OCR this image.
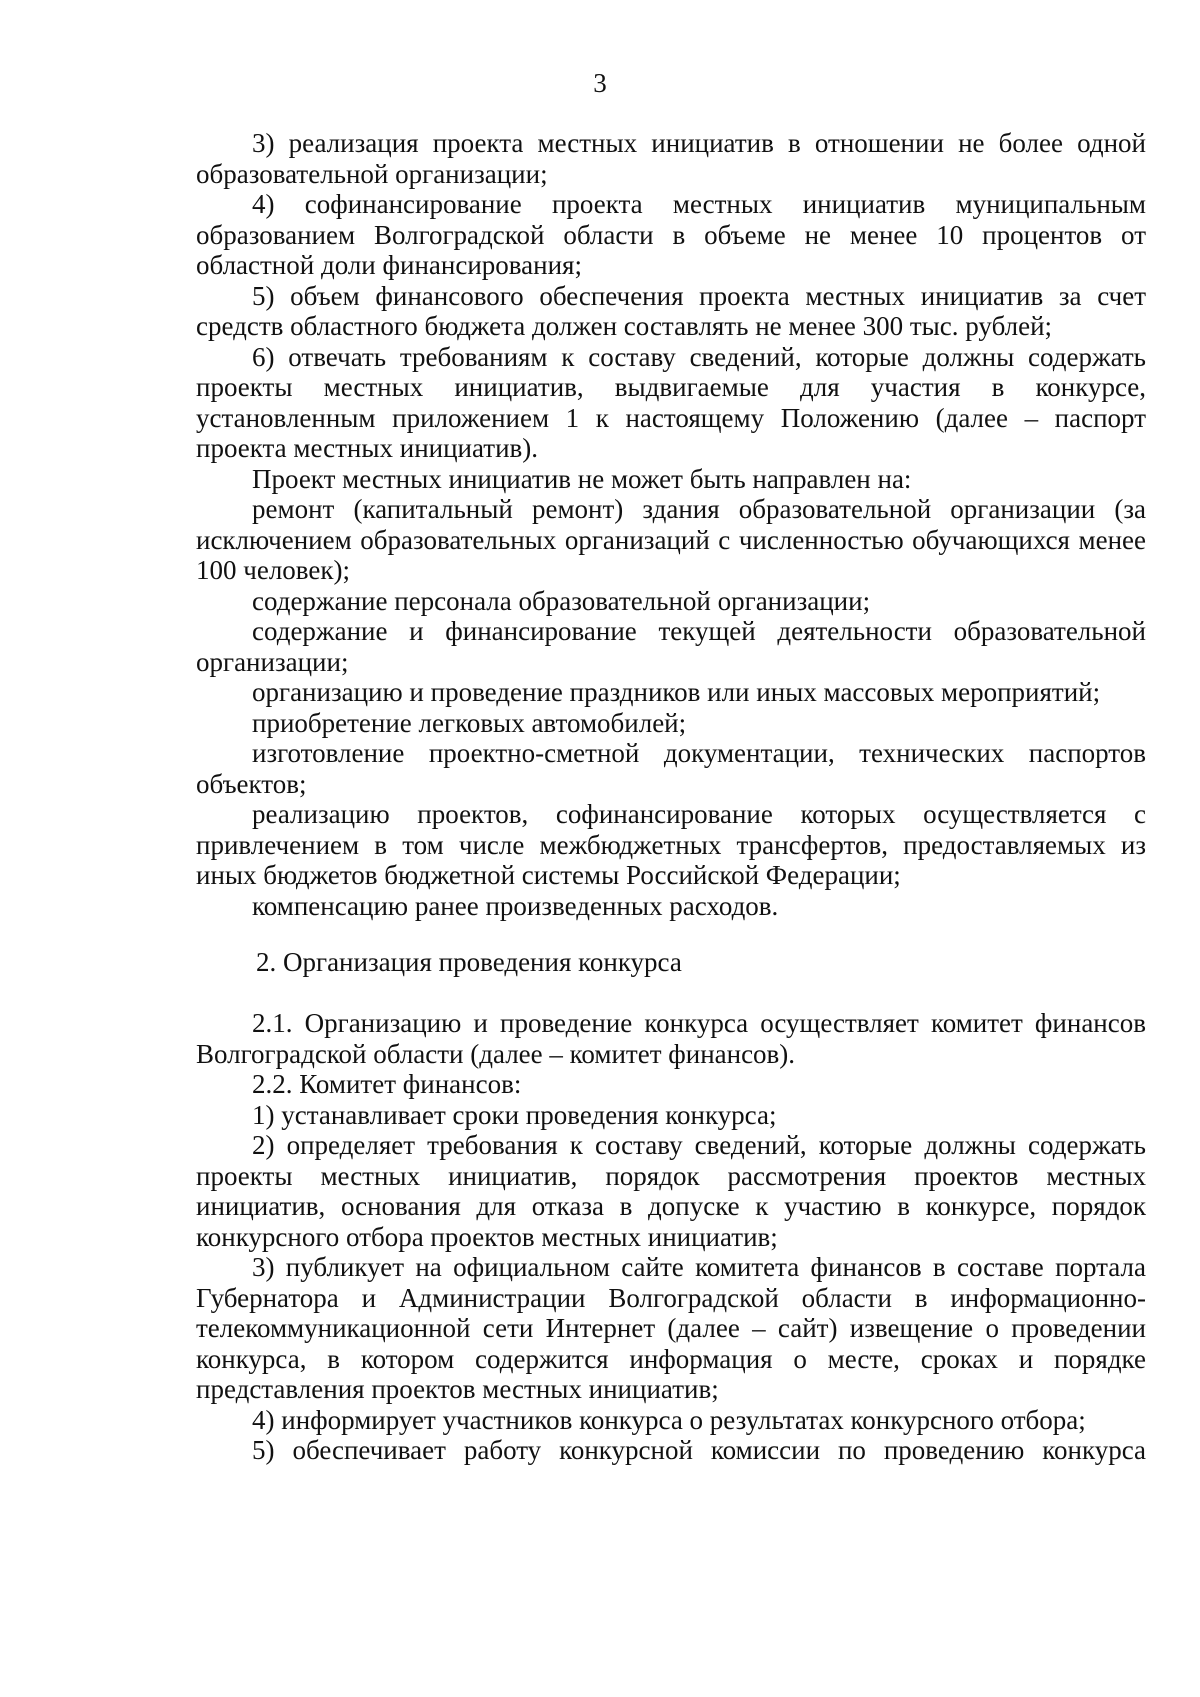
3

3) реализация проекта местных инициатив в отношении не более одной образовательной организации;

4) софинансирование проекта местных инициатив муниципальным образованием Волгоградской области в объеме не менее 10 процентов от областной доли финансирования;

5) объем финансового обеспечения проекта местных инициатив за счет средств областного бюджета должен составлять не менее 300 тыс. рублей;

6) отвечать требованиям к составу сведений, которые должны содержать проекты местных инициатив, выдвигаемые для участия в конкурсе, установленным приложением 1 к настоящему Положению (далее – паспорт проекта местных инициатив).

Проект местных инициатив не может быть направлен на:

ремонт (капитальный ремонт) здания образовательной организации (за исключением образовательных организаций с численностью обучающихся менее 100 человек);

содержание персонала образовательной организации;

содержание и финансирование текущей деятельности образовательной организации;

организацию и проведение праздников или иных массовых мероприятий;

приобретение легковых автомобилей;

изготовление проектно-сметной документации, технических паспортов объектов;

реализацию проектов, софинансирование которых осуществляется с привлечением в том числе межбюджетных трансфертов, предоставляемых из иных бюджетов бюджетной системы Российской Федерации;

компенсацию ранее произведенных расходов.

2. Организация проведения конкурса

2.1. Организацию и проведение конкурса осуществляет комитет финансов Волгоградской области (далее – комитет финансов).

2.2. Комитет финансов:

1) устанавливает сроки проведения конкурса;

2) определяет требования к составу сведений, которые должны содержать проекты местных инициатив, порядок рассмотрения проектов местных инициатив, основания для отказа в допуске к участию в конкурсе, порядок конкурсного отбора проектов местных инициатив;

3) публикует на официальном сайте комитета финансов в составе портала Губернатора и Администрации Волгоградской области в информационно-телекоммуникационной сети Интернет (далее – сайт) извещение о проведении конкурса, в котором содержится информация о месте, сроках и порядке представления проектов местных инициатив;

4) информирует участников конкурса о результатах конкурсного отбора;

5) обеспечивает работу конкурсной комиссии по проведению конкурса
